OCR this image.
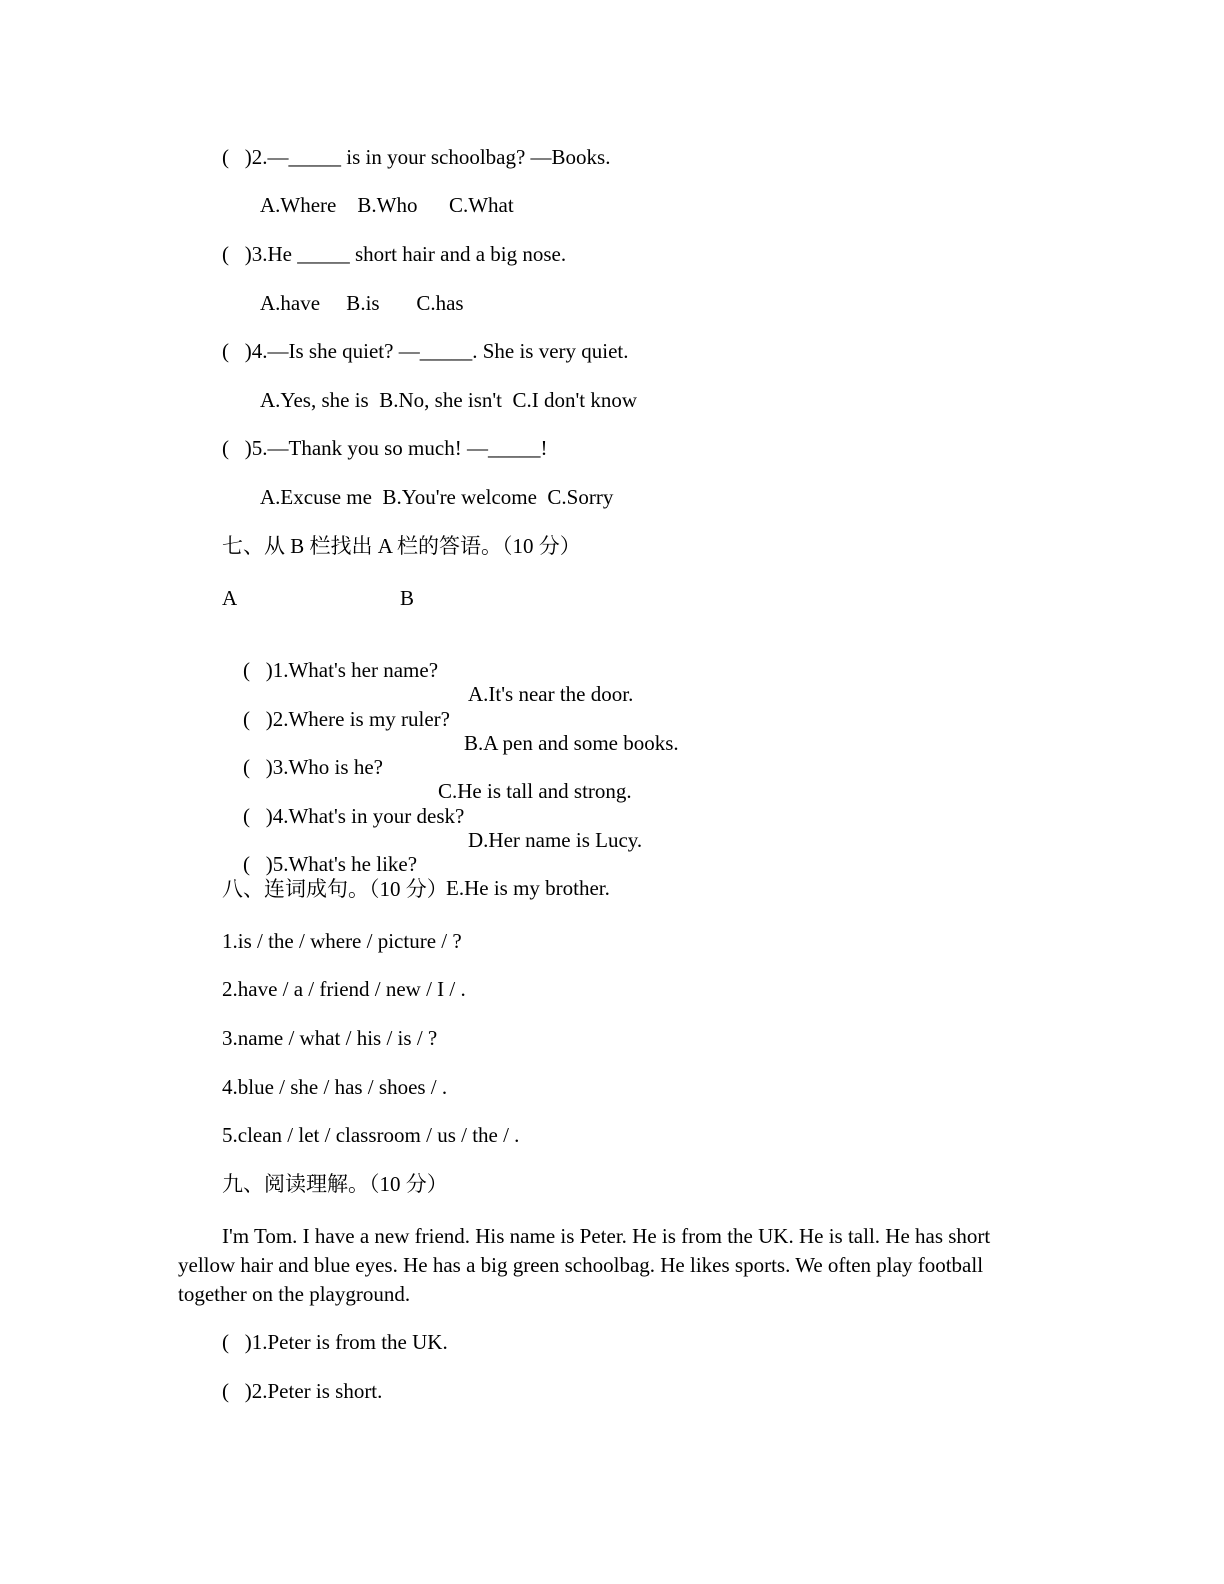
(   )2.—_____ is in your schoolbag? —Books.
A.Where    B.Who      C.What
(   )3.He _____ short hair and a big nose.
A.have     B.is       C.has
(   )4.—Is she quiet? —_____. She is very quiet.
A.Yes, she is  B.No, she isn't  C.I don't know
(   )5.—Thank you so much! —_____!
A.Excuse me  B.You're welcome  C.Sorry
七、从 B 栏找出 A 栏的答语。（10 分）
A	B

(   )1.What's her name?

A.It's near the door.

(   )2.Where is my ruler?

B.A pen and some books.

(   )3.Who is he?

C.He is tall and strong.

(   )4.What's in your desk?

D.Her name is Lucy.

(   )5.What's he like?

E.He is my brother.

八、连词成句。（10 分）
1.is / the / where / picture / ?
2.have / a / friend / new / I / .
3.name / what / his / is / ?
4.blue / she / has / shoes / .
5.clean / let / classroom / us / the / .
九、阅读理解。（10 分）
I'm Tom. I have a new friend. His name is Peter. He is from the UK. He is tall. He has short yellow hair and blue eyes. He has a big green schoolbag. He likes sports. We often play football together on the playground.
(   )1.Peter is from the UK.
(   )2.Peter is short.
